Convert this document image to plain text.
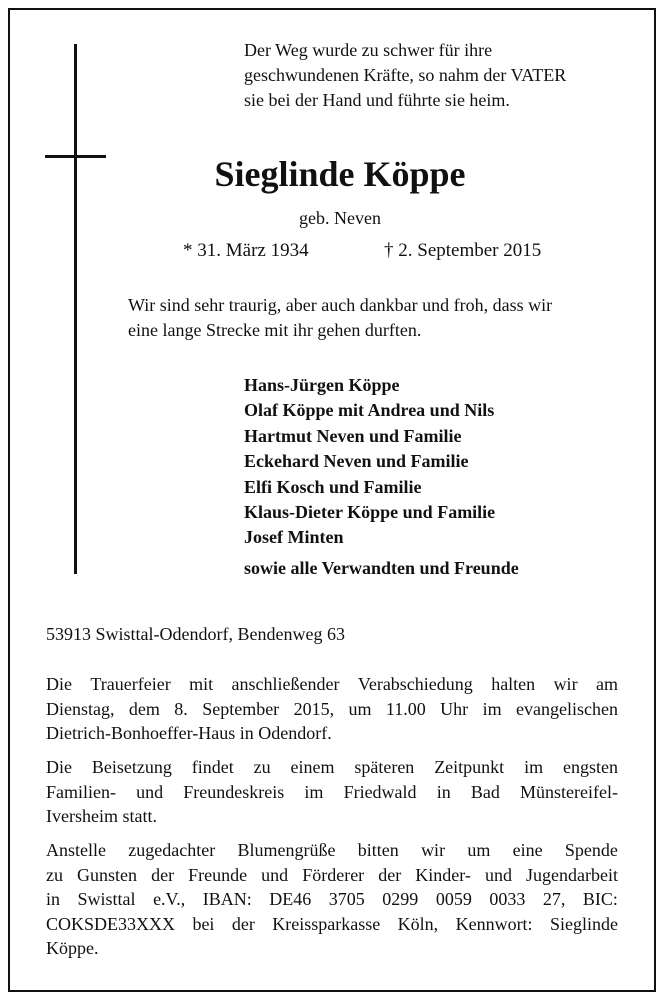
Der Weg wurde zu schwer für ihre
geschwundenen Kräfte, so nahm der VATER
sie bei der Hand und führte sie heim.
Sieglinde Köppe
geb. Neven
* 31. März 1934	† 2. September 2015
Wir sind sehr traurig, aber auch dankbar und froh, dass wir
eine lange Strecke mit ihr gehen durften.
Hans-Jürgen Köppe
Olaf Köppe mit Andrea und Nils
Hartmut Neven und Familie
Eckehard Neven und Familie
Elfi Kosch und Familie
Klaus-Dieter Köppe und Familie
Josef Minten
sowie alle Verwandten und Freunde
53913 Swisttal-Odendorf, Bendenweg 63
Die Trauerfeier mit anschließender Verabschiedung halten wir am
Dienstag, dem 8. September 2015, um 11.00 Uhr im evangelischen
Dietrich-Bonhoeffer-Haus in Odendorf.
Die Beisetzung findet zu einem späteren Zeitpunkt im engsten
Familien- und Freundeskreis im Friedwald in Bad Münstereifel-
Iversheim statt.
Anstelle zugedachter Blumengrüße bitten wir um eine Spende
zu Gunsten der Freunde und Förderer der Kinder- und Jugendarbeit
in Swisttal e.V., IBAN: DE46 3705 0299 0059 0033 27, BIC:
COKSDE33XXX bei der Kreissparkasse Köln, Kennwort: Sieglinde
Köppe.
